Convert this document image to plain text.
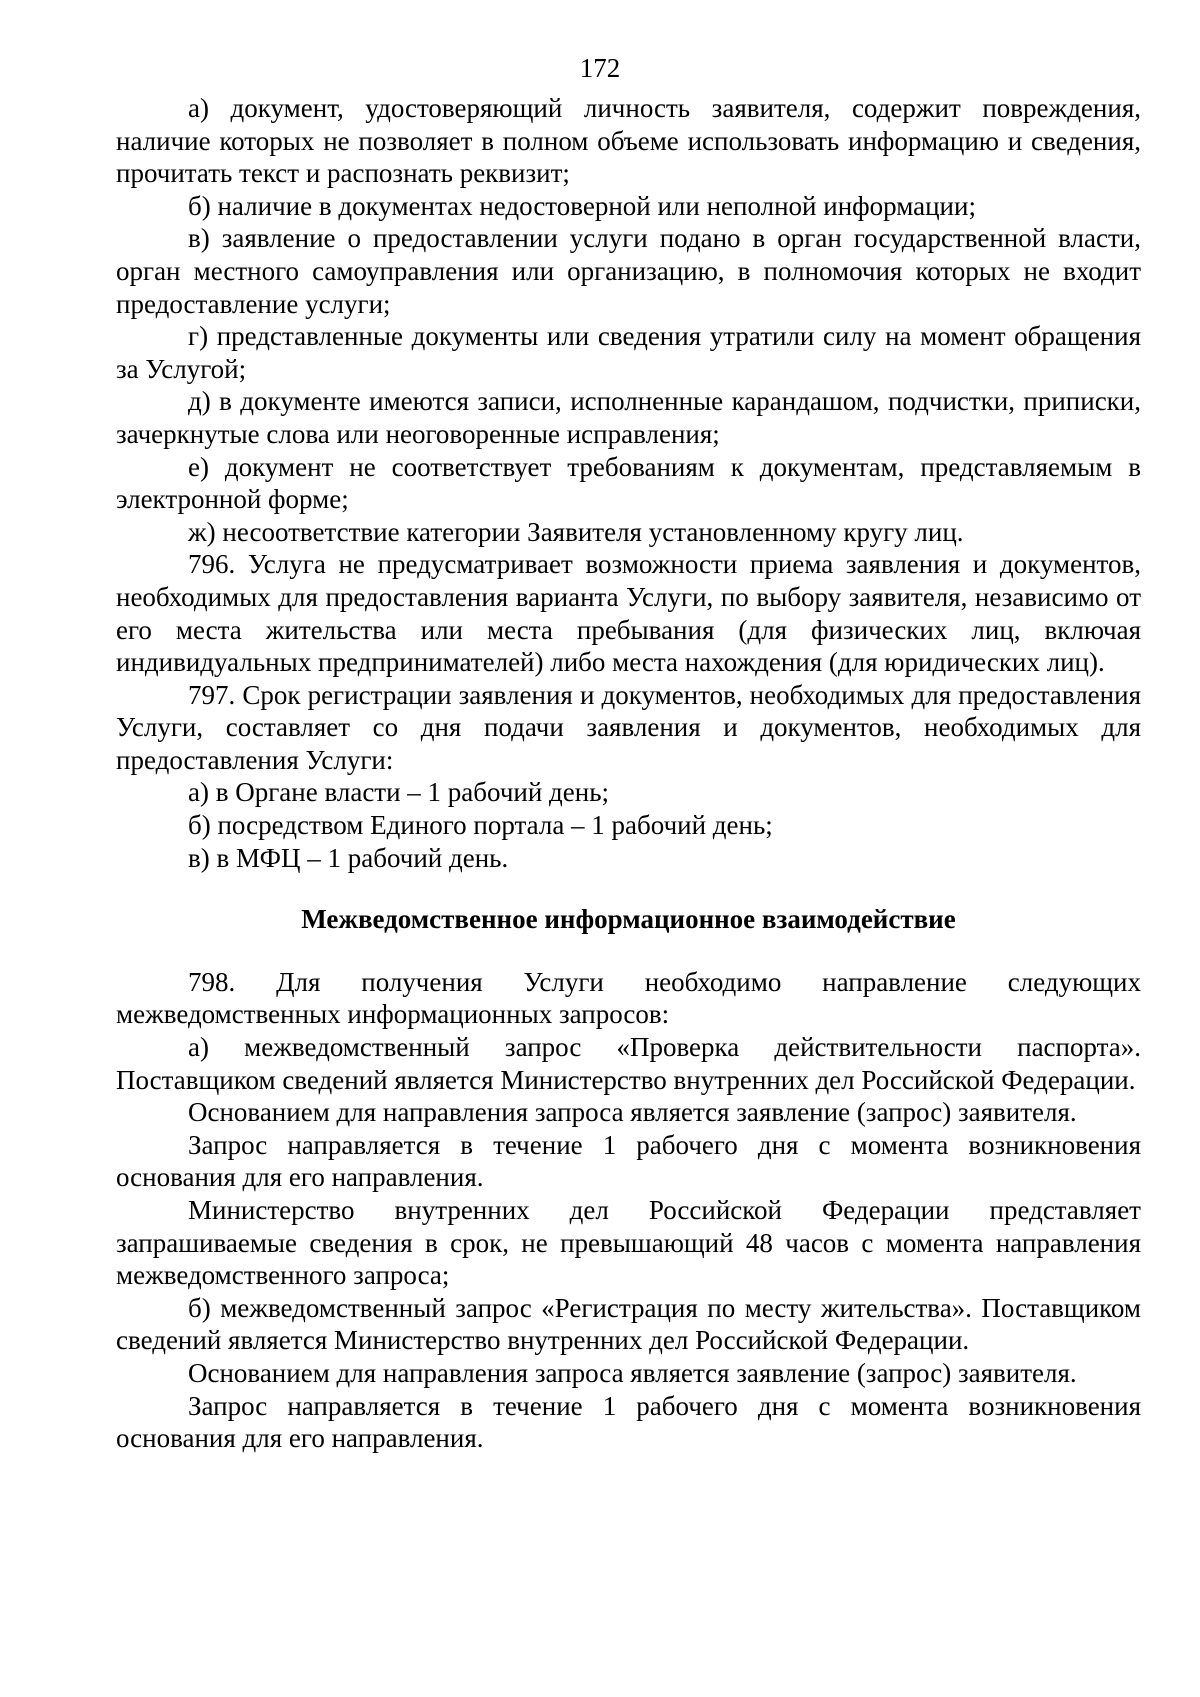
172

а) документ, удостоверяющий личность заявителя, содержит повреждения, наличие которых не позволяет в полном объеме использовать информацию и сведения, прочитать текст и распознать реквизит;

б) наличие в документах недостоверной или неполной информации;

в) заявление о предоставлении услуги подано в орган государственной власти, орган местного самоуправления или организацию, в полномочия которых не входит предоставление услуги;

г) представленные документы или сведения утратили силу на момент обращения за Услугой;

д) в документе имеются записи, исполненные карандашом, подчистки, приписки, зачеркнутые слова или неоговоренные исправления;

е) документ не соответствует требованиям к документам, представляемым в электронной форме;

ж) несоответствие категории Заявителя установленному кругу лиц.

796. Услуга не предусматривает возможности приема заявления и документов, необходимых для предоставления варианта Услуги, по выбору заявителя, независимо от его места жительства или места пребывания (для физических лиц, включая индивидуальных предпринимателей) либо места нахождения (для юридических лиц).

797. Срок регистрации заявления и документов, необходимых для предоставления Услуги, составляет со дня подачи заявления и документов, необходимых для предоставления Услуги:

а) в Органе власти – 1 рабочий день;

б) посредством Единого портала – 1 рабочий день;

в) в МФЦ – 1 рабочий день.

Межведомственное информационное взаимодействие

798. Для получения Услуги необходимо направление следующих межведомственных информационных запросов:

а) межведомственный запрос «Проверка действительности паспорта». Поставщиком сведений является Министерство внутренних дел Российской Федерации.

Основанием для направления запроса является заявление (запрос) заявителя.

Запрос направляется в течение 1 рабочего дня с момента возникновения основания для его направления.

Министерство внутренних дел Российской Федерации представляет запрашиваемые сведения в срок, не превышающий 48 часов с момента направления межведомственного запроса;

б) межведомственный запрос «Регистрация по месту жительства». Поставщиком сведений является Министерство внутренних дел Российской Федерации.

Основанием для направления запроса является заявление (запрос) заявителя.

Запрос направляется в течение 1 рабочего дня с момента возникновения основания для его направления.
